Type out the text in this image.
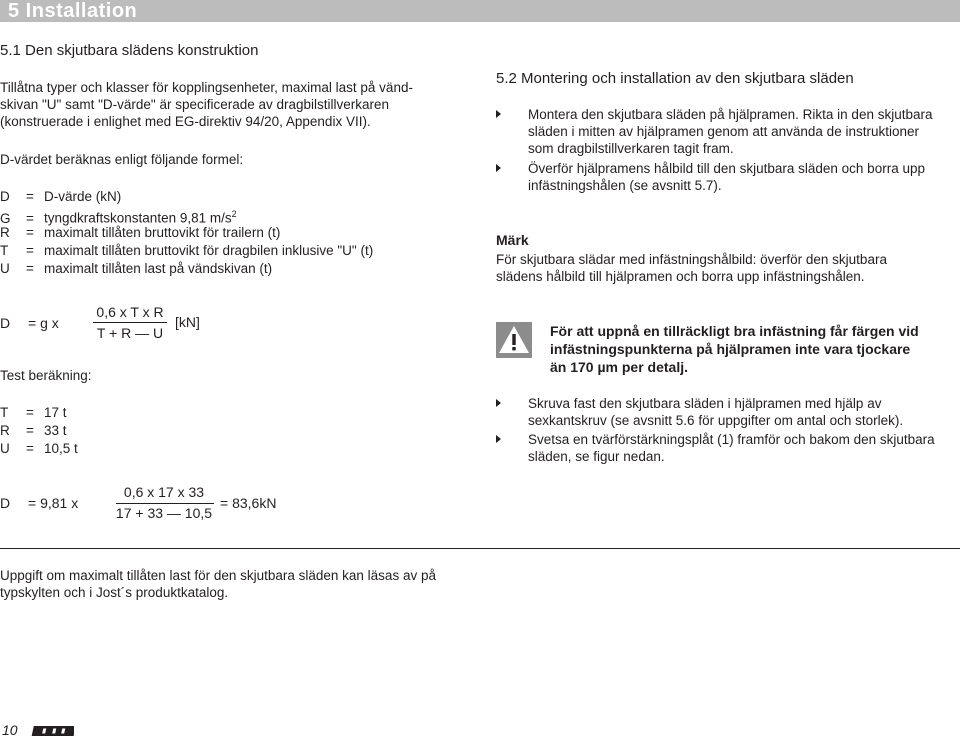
5 Installation
5.1 Den skjutbara slädens konstruktion
Tillåtna typer och klasser för kopplingsenheter, maximal last på vänd-
skivan "U" samt "D-värde" är specificerade av dragbilstillverkaren
(konstruerade i enlighet med EG-direktiv 94/20, Appendix VII).
D-värdet beräknas enligt följande formel:
D = D-värde (kN)
G = tyngdkraftskonstanten 9,81 $m/s^2$
R = maximalt tillåten bruttovikt för trailern (t)
T = maximalt tillåten bruttovikt för dragbilen inklusive "U" (t)
U = maximalt tillåten last på vändskivan (t)
D = g x
0,6 x T x R
T + R — U
[kN]
Test beräkning:
T = 17 t
R = 33 t
U = 10,5 t
D = 9,81 x
0,6 x 17 x 33
17 + 33 — 10,5
= 83,6kN
5.2 Montering och installation av den skjutbara släden
Montera den skjutbara släden på hjälpramen. Rikta in den skjutbara
släden i mitten av hjälpramen genom att använda de instruktioner
som dragbilstillverkaren tagit fram.
Överför hjälpramens hålbild till den skjutbara släden och borra upp
infästningshålen (se avsnitt 5.7).
Märk
För skjutbara slädar med infästningshålbild: överför den skjutbara
slädens hålbild till hjälpramen och borra upp infästningshålen.
För att uppnå en tillräckligt bra infästning får färgen vid
infästningspunkterna på hjälpramen inte vara tjockare
än 170 µm per detalj.
Skruva fast den skjutbara släden i hjälpramen med hjälp av
sexkantskruv (se avsnitt 5.6 för uppgifter om antal och storlek).
Svetsa en tvärförstärkningsplåt (1) framför och bakom den skjutbara
släden, se figur nedan.
Uppgift om maximalt tillåten last för den skjutbara släden kan läsas av på
typskylten och i Jost´s produktkatalog.
10
